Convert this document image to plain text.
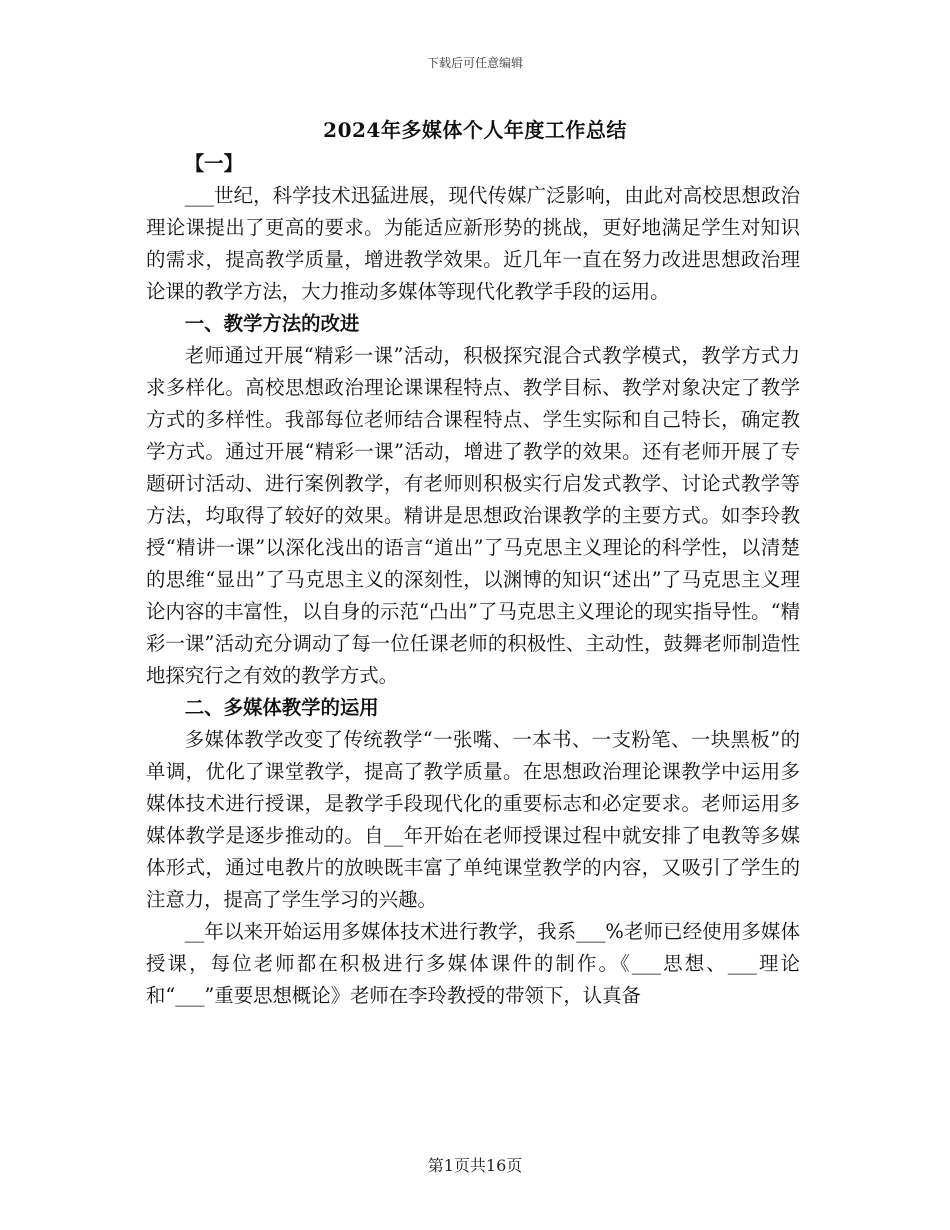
下载后可任意编辑
2024年多媒体个人年度工作总结

【一】

___世纪，科学技术迅猛进展，现代传媒广泛影响，由此对高校思想政治理论课提出了更高的要求。为能适应新形势的挑战，更好地满足学生对知识的需求，提高教学质量，增进教学效果。近几年一直在努力改进思想政治理论课的教学方法，大力推动多媒体等现代化教学手段的运用。

一、教学方法的改进

老师通过开展“精彩一课”活动，积极探究混合式教学模式，教学方式力求多样化。高校思想政治理论课课程特点、教学目标、教学对象决定了教学方式的多样性。我部每位老师结合课程特点、学生实际和自己特长，确定教学方式。通过开展“精彩一课”活动，增进了教学的效果。还有老师开展了专题研讨活动、进行案例教学，有老师则积极实行启发式教学、讨论式教学等方法，均取得了较好的效果。精讲是思想政治课教学的主要方式。如李玲教授“精讲一课”以深化浅出的语言“道出”了马克思主义理论的科学性，以清楚的思维“显出”了马克思主义的深刻性，以渊博的知识“述出”了马克思主义理论内容的丰富性，以自身的示范“凸出”了马克思主义理论的现实指导性。“精彩一课”活动充分调动了每一位任课老师的积极性、主动性，鼓舞老师制造性地探究行之有效的教学方式。

二、多媒体教学的运用

多媒体教学改变了传统教学“一张嘴、一本书、一支粉笔、一块黑板”的单调，优化了课堂教学，提高了教学质量。在思想政治理论课教学中运用多媒体技术进行授课，是教学手段现代化的重要标志和必定要求。老师运用多媒体教学是逐步推动的。自__年开始在老师授课过程中就安排了电教等多媒体形式，通过电教片的放映既丰富了单纯课堂教学的内容，又吸引了学生的注意力，提高了学生学习的兴趣。

__年以来开始运用多媒体技术进行教学，我系___%老师已经使用多媒体授课，每位老师都在积极进行多媒体课件的制作。《___思想、___理论和“___”重要思想概论》老师在李玲教授的带领下，认真备

第1页共16页
